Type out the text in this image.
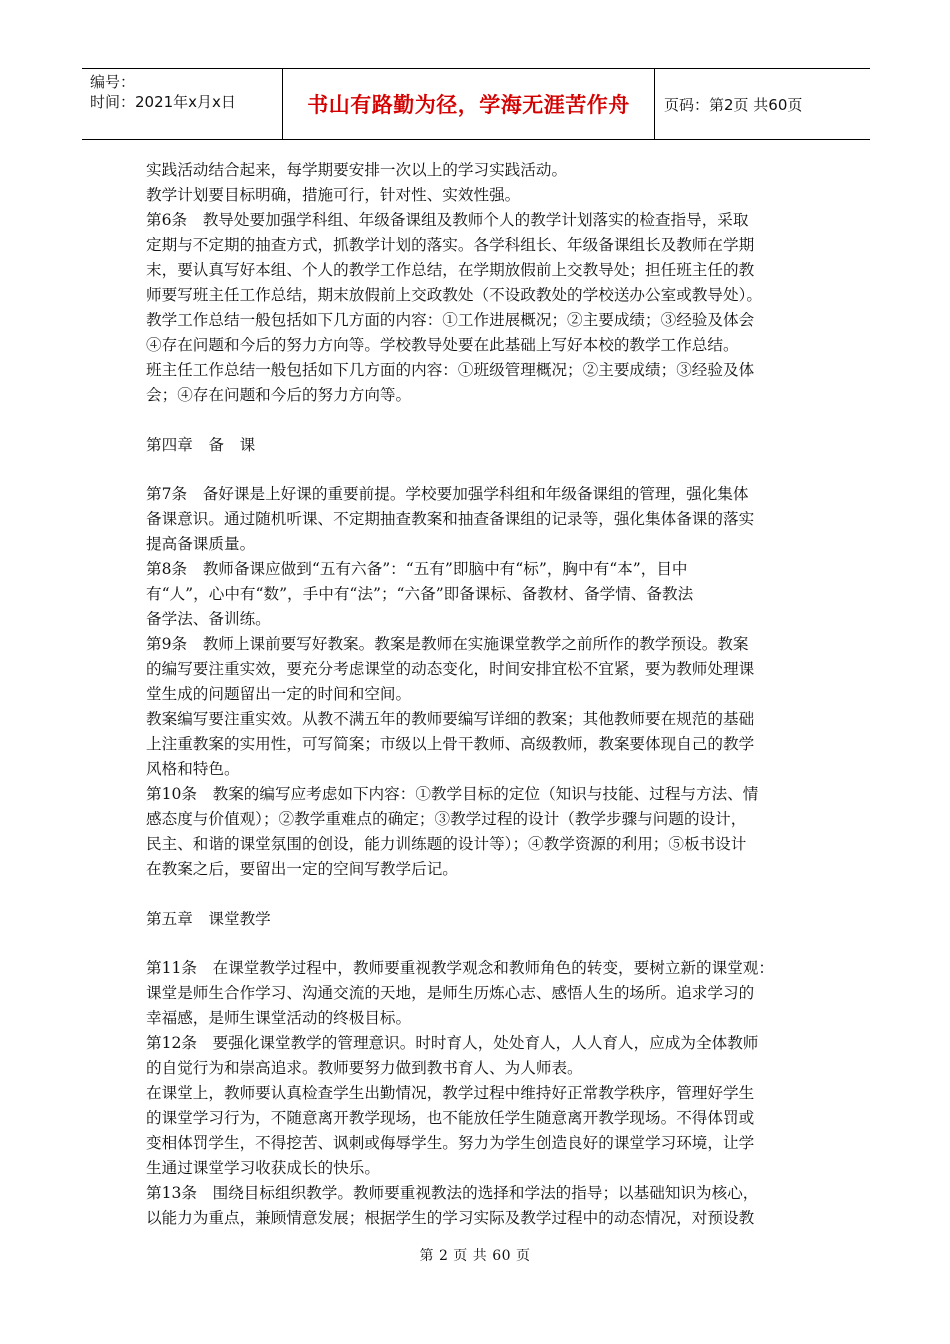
编号：
时间：2021年x月x日	书山有路勤为径，学海无涯苦作舟 页码：第2页 共60页
实践活动结合起来，每学期要安排一次以上的学习实践活动。
教学计划要目标明确，措施可行，针对性、实效性强。
第6条　教导处要加强学科组、年级备课组及教师个人的教学计划落实的检查指导，采取
定期与不定期的抽查方式，抓教学计划的落实。各学科组长、年级备课组长及教师在学期
末，要认真写好本组、个人的教学工作总结，在学期放假前上交教导处；担任班主任的教
师要写班主任工作总结，期末放假前上交政教处（不设政教处的学校送办公室或教导处）。
教学工作总结一般包括如下几方面的内容：①工作进展概况；②主要成绩；③经验及体会
④存在问题和今后的努力方向等。学校教导处要在此基础上写好本校的教学工作总结。
班主任工作总结一般包括如下几方面的内容：①班级管理概况；②主要成绩；③经验及体
会；④存在问题和今后的努力方向等。
第四章　备　课
第7条　备好课是上好课的重要前提。学校要加强学科组和年级备课组的管理，强化集体
备课意识。通过随机听课、不定期抽查教案和抽查备课组的记录等，强化集体备课的落实
提高备课质量。
第8条　教师备课应做到“五有六备”：“五有”即脑中有“标”，胸中有“本”，目中
有“人”，心中有“数”，手中有“法”；“六备”即备课标、备教材、备学情、备教法
备学法、备训练。
第9条　教师上课前要写好教案。教案是教师在实施课堂教学之前所作的教学预设。教案
的编写要注重实效，要充分考虑课堂的动态变化，时间安排宜松不宜紧，要为教师处理课
堂生成的问题留出一定的时间和空间。
教案编写要注重实效。从教不满五年的教师要编写详细的教案；其他教师要在规范的基础
上注重教案的实用性，可写简案；市级以上骨干教师、高级教师，教案要体现自己的教学
风格和特色。
第10条　教案的编写应考虑如下内容：①教学目标的定位（知识与技能、过程与方法、情
感态度与价值观）；②教学重难点的确定；③教学过程的设计（教学步骤与问题的设计，
民主、和谐的课堂氛围的创设，能力训练题的设计等）；④教学资源的利用；⑤板书设计
在教案之后，要留出一定的空间写教学后记。
第五章　课堂教学
第11条　在课堂教学过程中，教师要重视教学观念和教师角色的转变，要树立新的课堂观：
课堂是师生合作学习、沟通交流的天地，是师生历炼心志、感悟人生的场所。追求学习的
幸福感，是师生课堂活动的终极目标。
第12条　要强化课堂教学的管理意识。时时育人，处处育人，人人育人，应成为全体教师
的自觉行为和崇高追求。教师要努力做到教书育人、为人师表。
在课堂上，教师要认真检查学生出勤情况，教学过程中维持好正常教学秩序，管理好学生
的课堂学习行为，不随意离开教学现场，也不能放任学生随意离开教学现场。不得体罚或
变相体罚学生，不得挖苦、讽刺或侮辱学生。努力为学生创造良好的课堂学习环境，让学
生通过课堂学习收获成长的快乐。
第13条　围绕目标组织教学。教师要重视教法的选择和学法的指导；以基础知识为核心，
以能力为重点，兼顾情意发展；根据学生的学习实际及教学过程中的动态情况，对预设教
第 2 页 共 60 页
